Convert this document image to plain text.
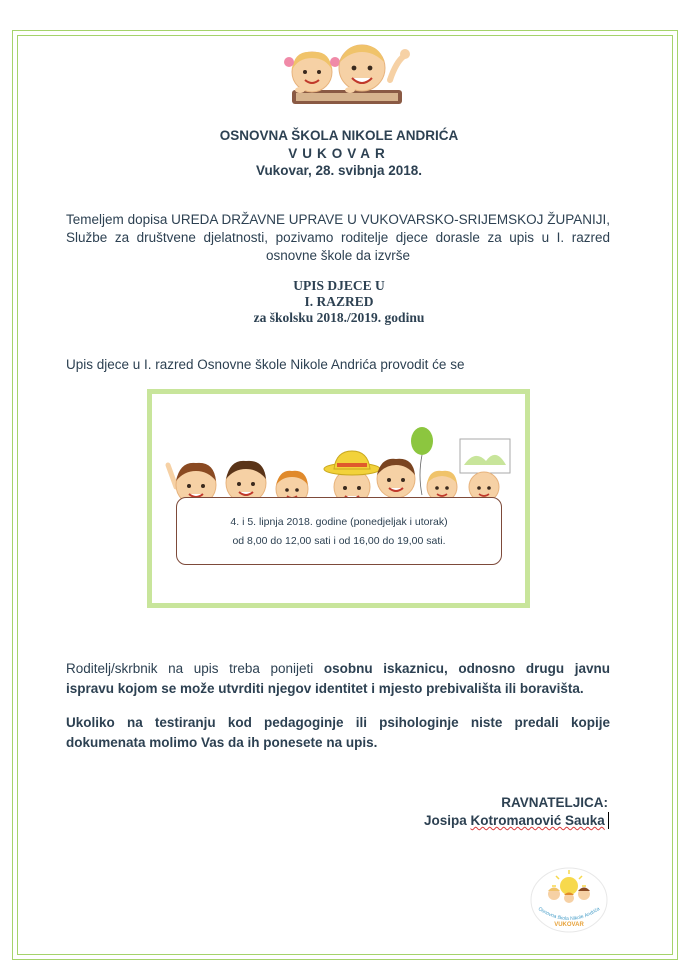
OSNOVNA ŠKOLA NIKOLE ANDRIĆA
VUKOVAR
Vukovar, 28. svibnja 2018.
Temeljem dopisa UREDA DRŽAVNE UPRAVE U VUKOVARSKO-SRIJEMSKOJ ŽUPANIJI,
Službe za društvene djelatnosti, pozivamo roditelje djece dorasle za upis u I. razred
osnovne škole da izvrše
UPIS DJECE U
I. RAZRED
za školsku 2018./2019. godinu
Upis djece u I. razred Osnovne škole Nikole Andrića provodit će se
4. i 5. lipnja 2018. godine (ponedjeljak i utorak)
od 8,00 do 12,00 sati i od 16,00 do 19,00 sati.
Roditelj/skrbnik na upis treba ponijeti osobnu iskaznicu, odnosno drugu javnu
ispravu kojom se može utvrditi njegov identitet i mjesto prebivališta ili boravišta.
Ukoliko na testiranju kod pedagoginje ili psihologinje niste predali kopije
dokumenata molimo Vas da ih ponesete na upis.
RAVNATELJICA:
Josipa Kotromanović Sauka
Osnovna škola Nikole Andrića
VUKOVAR
